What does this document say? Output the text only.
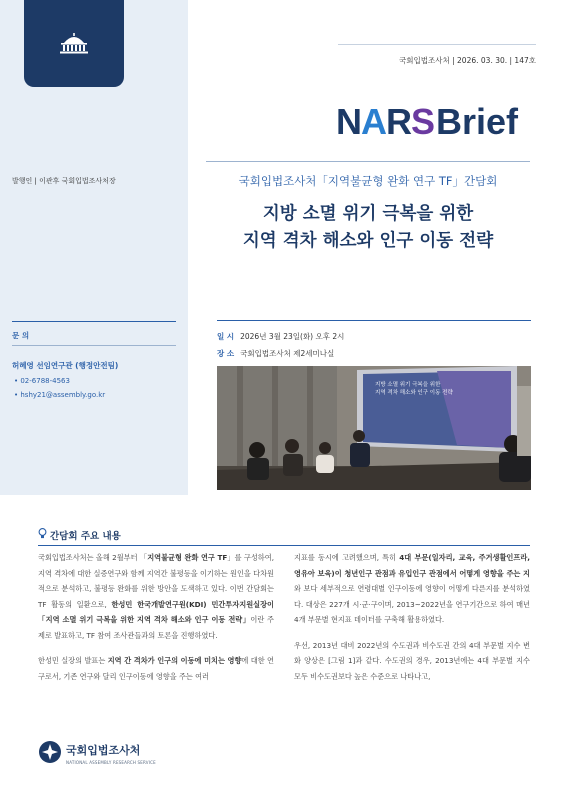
발행인 | 이관후 국회입법조사처장
문 의
허혜영 선임연구관 (행정안전팀)
• 02-6788-4563
• hshy21@assembly.go.kr
국회입법조사처 | 2026. 03. 30. | 147호
NARS Brief
국회입법조사처「지역불균형 완화 연구 TF」간담회
지방 소멸 위기 극복을 위한
지역 격차 해소와 인구 이동 전략
일 시 2026년 3월 23일(화) 오후 2시
장 소 국회입법조사처 제2세미나실
지방 소멸 위기 극복을 위한
지역 격차 해소와 인구 이동 전략
간담회 주요 내용

국회입법조사처는 올해 2월부터 「지역불균형 완화 연구 TF」를 구성하여, 지역 격차에 대한 실증연구와 함께 지역간 불평등을 이기하는 원인을 다차원적으로 분석하고, 불평등 완화를 위한 방안을 도색하고 있다. 이번 간담회는 TF 활동의 일환으로, 한성민 한국개발연구원(KDI) 민간투자지원실장이「지역 소멸 위기 극복을 위한 지역 격차 해소와 인구 이동 전략」이란 주제로 발표하고, TF 참여 조사관들과의 토론을 진행하였다.

한성민 실장의 발표는 지역 간 격차가 인구의 이동에 미치는 영향에 대한 연구로서, 기존 연구와 달리 인구이동에 영향을 주는 여러

지표를 동시에 고려했으며, 특히 4대 부문(일자리, 교육, 주거생활인프라, 영유아 보육)이 청년인구 관점과 유입인구 관점에서 어떻게 영향을 주는 지와 보다 세부적으로 연령대별 인구이동에 영향이 어떻게 다른지를 분석하였다. 대상은 227개 시·군·구이며, 2013~2022년을 연구기간으로 하여 매년 4개 부문별 현지표 데이터를 구축해 활용하였다.

우선, 2013년 대비 2022년의 수도권과 비수도권 간의 4대 부문별 지수 변화 양상은 [그림 1]과 같다. 수도권의 경우, 2013년에는 4대 부문별 지수 모두 비수도권보다 높은 수준으로 나타나고,

국회입법조사처
NATIONAL ASSEMBLY RESEARCH SERVICE
